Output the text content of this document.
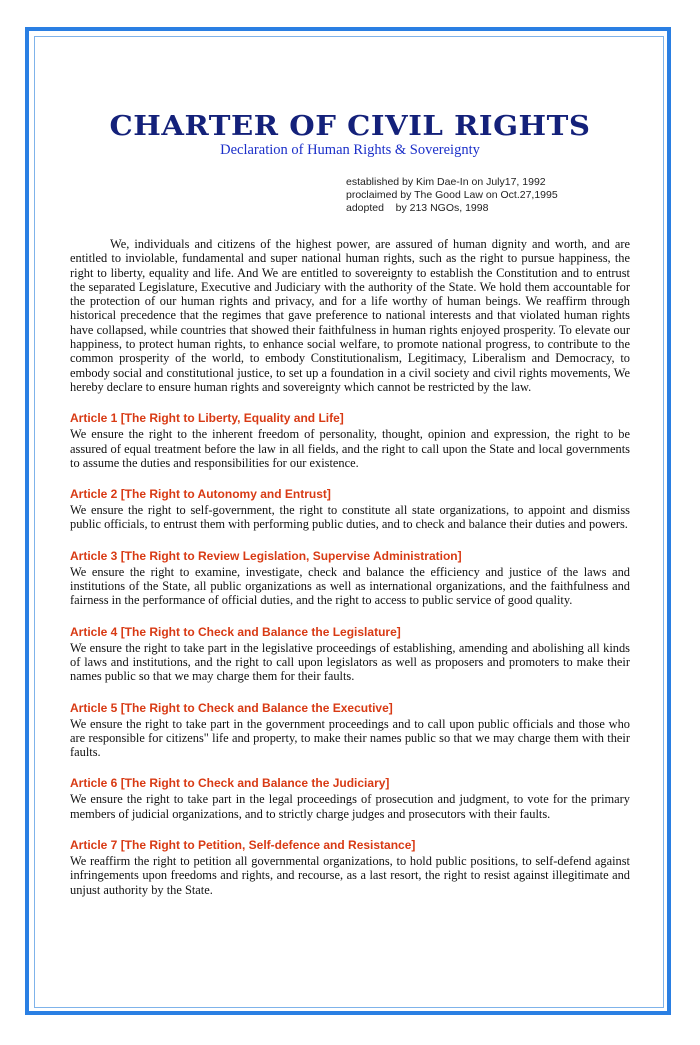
CHARTER OF CIVIL RIGHTS

Declaration of Human Rights & Sovereignty

established by Kim Dae-In on July17, 1992
proclaimed by The Good Law on Oct.27,1995
adopted    by 213 NGOs, 1998

We, individuals and citizens of the highest power, are assured of human dignity and worth, and are entitled to inviolable, fundamental and super national human rights, such as the right to pursue happiness, the right to liberty, equality and life. And We are entitled to sovereignty to establish the Constitution and to entrust the separated Legislature, Executive and Judiciary with the authority of the State. We hold them accountable for the protection of our human rights and privacy, and for a life worthy of human beings. We reaffirm through historical precedence that the regimes that gave preference to national interests and that violated human rights have collapsed, while countries that showed their faithfulness in human rights enjoyed prosperity. To elevate our happiness, to protect human rights, to enhance social welfare, to promote national progress, to contribute to the common prosperity of the world, to embody Constitutionalism, Legitimacy, Liberalism and Democracy, to embody social and constitutional justice, to set up a foundation in a civil society and civil rights movements, We hereby declare to ensure human rights and sovereignty which cannot be restricted by the law.

Article 1 [The Right to Liberty, Equality and Life]

We ensure the right to the inherent freedom of personality, thought, opinion and expression, the right to be assured of equal treatment before the law in all fields, and the right to call upon the State and local governments to assume the duties and responsibilities for our existence.

Article 2 [The Right to Autonomy and Entrust]

We ensure the right to self-government, the right to constitute all state organizations, to appoint and dismiss public officials, to entrust them with performing public duties, and to check and balance their duties and powers.

Article 3 [The Right to Review Legislation, Supervise Administration]

We ensure the right to examine, investigate, check and balance the efficiency and justice of the laws and institutions of the State, all public organizations as well as international organizations, and the faithfulness and fairness in the performance of official duties, and the right to access to public service of good quality.

Article 4 [The Right to Check and Balance the Legislature]

We ensure the right to take part in the legislative proceedings of establishing, amending and abolishing all kinds of laws and institutions, and the right to call upon legislators as well as proposers and promoters to make their names public so that we may charge them for their faults.

Article 5 [The Right to Check and Balance the Executive]

We ensure the right to take part in the government proceedings and to call upon public officials and those who are responsible for citizens" life and property, to make their names public so that we may charge them with their faults.

Article 6 [The Right to Check and Balance the Judiciary]

We ensure the right to take part in the legal proceedings of prosecution and judgment, to vote for the primary members of judicial organizations, and to strictly charge judges and prosecutors with their faults.

Article 7 [The Right to Petition, Self-defence and Resistance]

We reaffirm the right to petition all governmental organizations, to hold public positions, to self-defend against infringements upon freedoms and rights, and recourse, as a last resort, the right to resist against illegitimate and unjust authority by the State.
